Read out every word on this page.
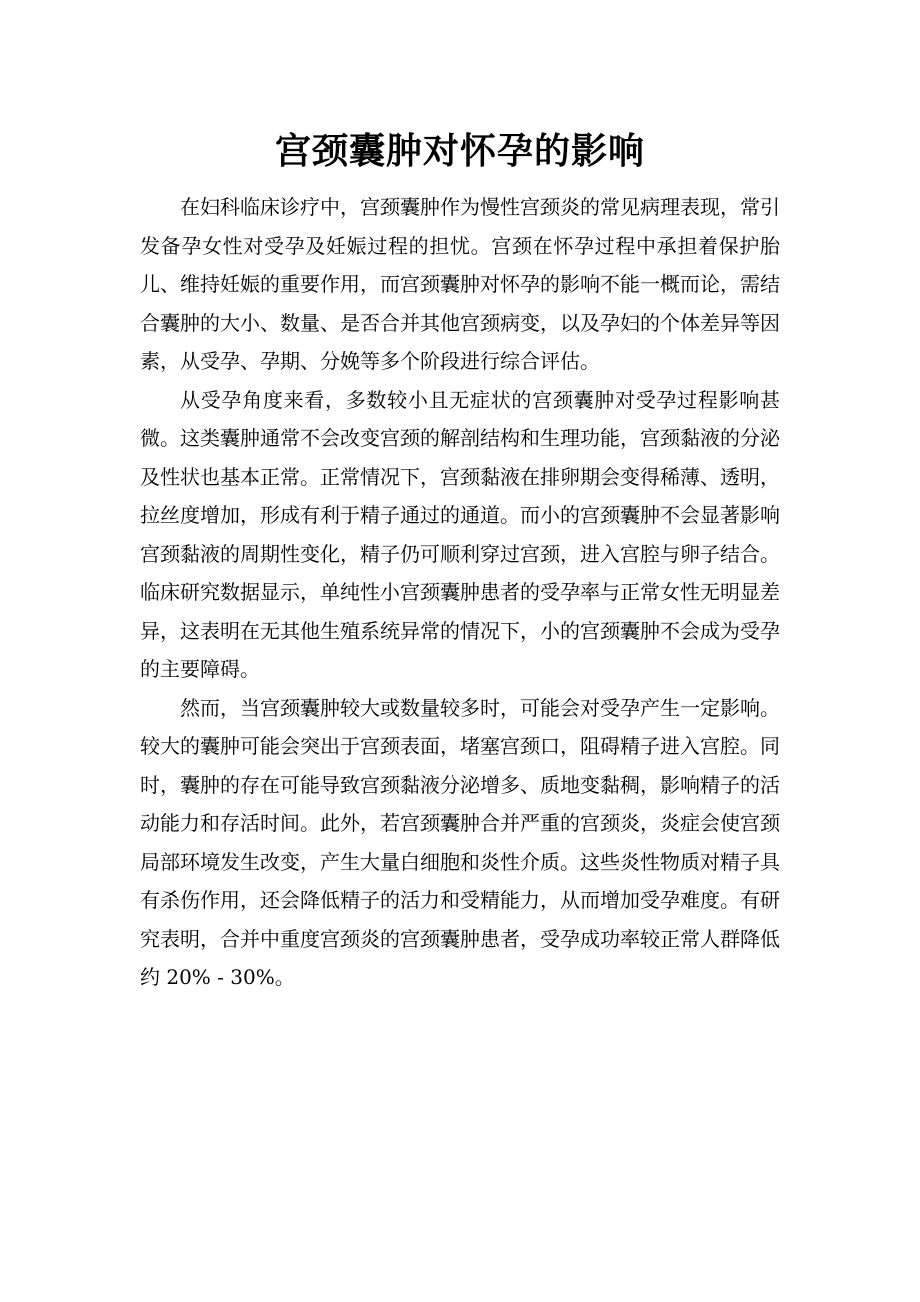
宫颈囊肿对怀孕的影响

在妇科临床诊疗中，宫颈囊肿作为慢性宫颈炎的常见病理表现，常引发备孕女性对受孕及妊娠过程的担忧。宫颈在怀孕过程中承担着保护胎儿、维持妊娠的重要作用，而宫颈囊肿对怀孕的影响不能一概而论，需结合囊肿的大小、数量、是否合并其他宫颈病变，以及孕妇的个体差异等因素，从受孕、孕期、分娩等多个阶段进行综合评估。

从受孕角度来看，多数较小且无症状的宫颈囊肿对受孕过程影响甚微。这类囊肿通常不会改变宫颈的解剖结构和生理功能，宫颈黏液的分泌及性状也基本正常。正常情况下，宫颈黏液在排卵期会变得稀薄、透明，拉丝度增加，形成有利于精子通过的通道。而小的宫颈囊肿不会显著影响宫颈黏液的周期性变化，精子仍可顺利穿过宫颈，进入宫腔与卵子结合。临床研究数据显示，单纯性小宫颈囊肿患者的受孕率与正常女性无明显差异，这表明在无其他生殖系统异常的情况下，小的宫颈囊肿不会成为受孕的主要障碍。

然而，当宫颈囊肿较大或数量较多时，可能会对受孕产生一定影响。较大的囊肿可能会突出于宫颈表面，堵塞宫颈口，阻碍精子进入宫腔。同时，囊肿的存在可能导致宫颈黏液分泌增多、质地变黏稠，影响精子的活动能力和存活时间。此外，若宫颈囊肿合并严重的宫颈炎，炎症会使宫颈局部环境发生改变，产生大量白细胞和炎性介质。这些炎性物质对精子具有杀伤作用，还会降低精子的活力和受精能力，从而增加受孕难度。有研究表明，合并中重度宫颈炎的宫颈囊肿患者，受孕成功率较正常人群降低约 20% - 30%。
